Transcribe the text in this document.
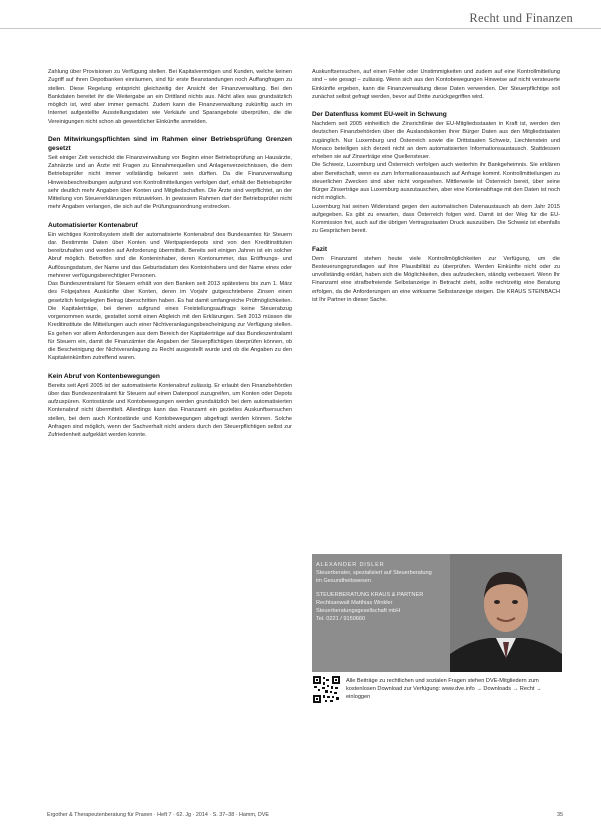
Recht und Finanzen

Zahlung über Provisionen zu Verfügung stellen. Bei Kapitalvermögen und Kunden, welche keinen Zugriff auf ihren Depotbanken einräumen, sind für erste Beanstandungen noch Auffangfragen zu stellen. Diese Regelung entspricht gleichzeitig der Ansicht der Finanzverwaltung. Bei den Bankdaten bereitet ihr die Weitergabe an ein Drittland nichts aus. Nicht alles was grundsätzlich möglich ist, wird aber immer gemacht. Zudem kann die Finanzverwaltung zukünftig auch im Internet aufgestellte Ausstellungsdaten wie Verkäufe und Sparangebote überprüfen, die die Vereinigungen nicht schon ab gewerblicher Einkünfte anmelden.

Den Mitwirkungspflichten sind im Rahmen einer Betriebsprüfung Grenzen gesetzt

Seit einiger Zeit verschickt die Finanzverwaltung vor Beginn einer Betriebsprüfung an Hausärzte, Zahnärzte und an Ärzte mit Fragen zu Einnahmequellen und Anlagenverzeichnissen, die dem Betriebsprüfer nicht immer vollständig bekannt sein dürften. Da die Finanzverwaltung Hinweisbeschreibungen aufgrund von Kontrollmitteilungen verfolgen darf, erhält der Betriebsprüfer sehr deutlich mehr Angaben über Konten und Mitgliedschaften. Die Ärzte sind verpflichtet, an der Mitteilung von Steuererklärungen mitzuwirken. In gewissem Rahmen darf der Betriebsprüfer nicht mehr Angaben verlangen, die sich auf die Prüfungsanordnung erstrecken.

Automatisierter Kontenabruf

Ein wichtiges Kontrollsystem stellt der automatisierte Kontenabruf des Bundesamtes für Steuern dar. Bestimmte Daten über Konten und Wertpapierdepots sind von den Kreditinstituten bereitzuhalten und werden auf Anforderung übermittelt. Bereits seit einigen Jahren ist ein solcher Abruf möglich. Betroffen sind die Konteninhaber, deren Kontonummer, das Eröffnungs- und Auflösungsdatum, der Name und das Geburtsdatum des Kontoinhabers und der Name eines oder mehrerer verfügungsberechtigter Personen.

Das Bundeszentralamt für Steuern erhält von den Banken seit 2013 spätestens bis zum 1. März des Folgejahres Auskünfte über Konten, deren im Vorjahr gutgeschriebene Zinsen einen gesetzlich festgelegten Betrag überschritten haben. Es hat damit umfangreiche Prüfmöglichkeiten. Die Kapitalerträge, bei denen aufgrund eines Freistellungsauftrags keine Steuerabzug vorgenommen wurde, gestattet somit einen Abgleich mit den Erklärungen. Seit 2013 müssen die Kreditinstitute die Mitteilungen auch einer Nichtveranlagungsbescheinigung zur Verfügung stellen. Es gehen vor allem Anforderungen aus dem Bereich der Kapitalerträge auf das Bundeszentralamt für Steuern ein, damit die Finanzämter die Angaben der Steuerpflichtigen überprüfen können, ob die Bescheinigung der Nichtveranlagung zu Recht ausgestellt wurde und ob die Angaben zu den Kapitaleinkünften zutreffend waren.

Kein Abruf von Kontenbewegungen

Bereits seit April 2005 ist der automatisierte Kontenabruf zulässig. Er erlaubt den Finanzbehörden über das Bundeszentralamt für Steuern auf einen Datenpool zuzugreifen, um Konten oder Depots aufzuspüren. Kontostände und Kontobewegungen werden grundsätzlich bei dem automatisierten Kontenabruf nicht übermittelt. Allerdings kann das Finanzamt ein gezieltes Auskunftsersuchen stellen, bei dem auch Kontostände und Kontobewegungen abgefragt werden können. Solche Anfragen sind möglich, wenn der Sachverhalt nicht anders durch den Steuerpflichtigen selbst zur Zufriedenheit aufgeklärt werden konnte.

Auskunftsersuchen, auf einen Fehler oder Unstimmigkeiten und zudem auf eine Kontrollmitteilung sind – wie gesagt – zulässig. Wenn sich aus den Kontobewegungen Hinweise auf nicht versteuerte Einkünfte ergeben, kann die Finanzverwaltung diese Daten verwenden. Der Steuerpflichtige soll zunächst selbst gefragt werden, bevor auf Dritte zurückgegriffen wird.

Der Datenfluss kommt EU-weit in Schwung

Nachdem seit 2005 einheitlich die Zinsrichtlinie der EU-Mitgliedsstaaten in Kraft ist, werden den deutschen Finanzbehörden über die Auslandskonten ihrer Bürger Daten aus den Mitgliedstaaten zugänglich. Nur Luxemburg und Österreich sowie die Drittstaaten Schweiz, Liechtenstein und Monaco beteiligen sich derzeit nicht an dem automatisierten Informationsaustausch. Stattdessen erheben sie auf Zinserträge eine Quellensteuer.

Die Schweiz, Luxemburg und Österreich verfolgen auch weiterhin ihr Bankgeheimnis. Sie erklären aber Bereitschaft, wenn es zum Informationsaustausch auf Anfrage kommt. Kontrollmitteilungen zu steuerlichen Zwecken sind aber nicht vorgesehen. Mittlerweile ist Österreich bereit, über seine Bürger Zinserträge aus Luxemburg auszutauschen, aber eine Kontenabfrage mit den Daten ist noch nicht möglich.

Luxemburg hat seinen Widerstand gegen den automatischen Datenaustausch ab dem Jahr 2015 aufgegeben. Es gibt zu erwarten, dass Österreich folgen wird. Damit ist der Weg für die EU-Kommission frei, auch auf die übrigen Vertragsstaaten Druck auszuüben. Die Schweiz ist ebenfalls zu Gesprächen bereit.

Fazit

Dem Finanzamt stehen heute viele Kontrollmöglichkeiten zur Verfügung, um die Besteuerungsgrundlagen auf ihre Plausibilität zu überprüfen. Werden Einkünfte nicht oder zu unvollständig erklärt, haben sich die Möglichkeiten, dies aufzudecken, ständig verbessert. Wenn Ihr Finanzamt eine strafbefreiende Selbstanzeige in Betracht zieht, sollte rechtzeitig eine Beratung erfolgen, da die Anforderungen an eine wirksame Selbstanzeige steigen. Die KRAUS STEINBACH ist Ihr Partner in dieser Sache.

ALEXANDER DISLER
Steuerberater, spezialisiert auf Steuerberatung im Gesundheitswesen
STEUERBERATUNG KRAUS & PARTNER
Rechtsanwalt Matthias Winkler
Steuerberatungsgesellschaft mbH
Tel. 0221 / 9150660
Alle Beiträge zu rechtlichen und sozialen Fragen stehen DVE-Mitgliedern zum kostenlosen Download zur Verfügung: www.dve.info → Downloads → Recht → einloggen
Ergother & Therapeutenberatung für Praxen · Heft 7 · 62. Jg · 2014 · S. 37–38 · Hamm, DVE	35
